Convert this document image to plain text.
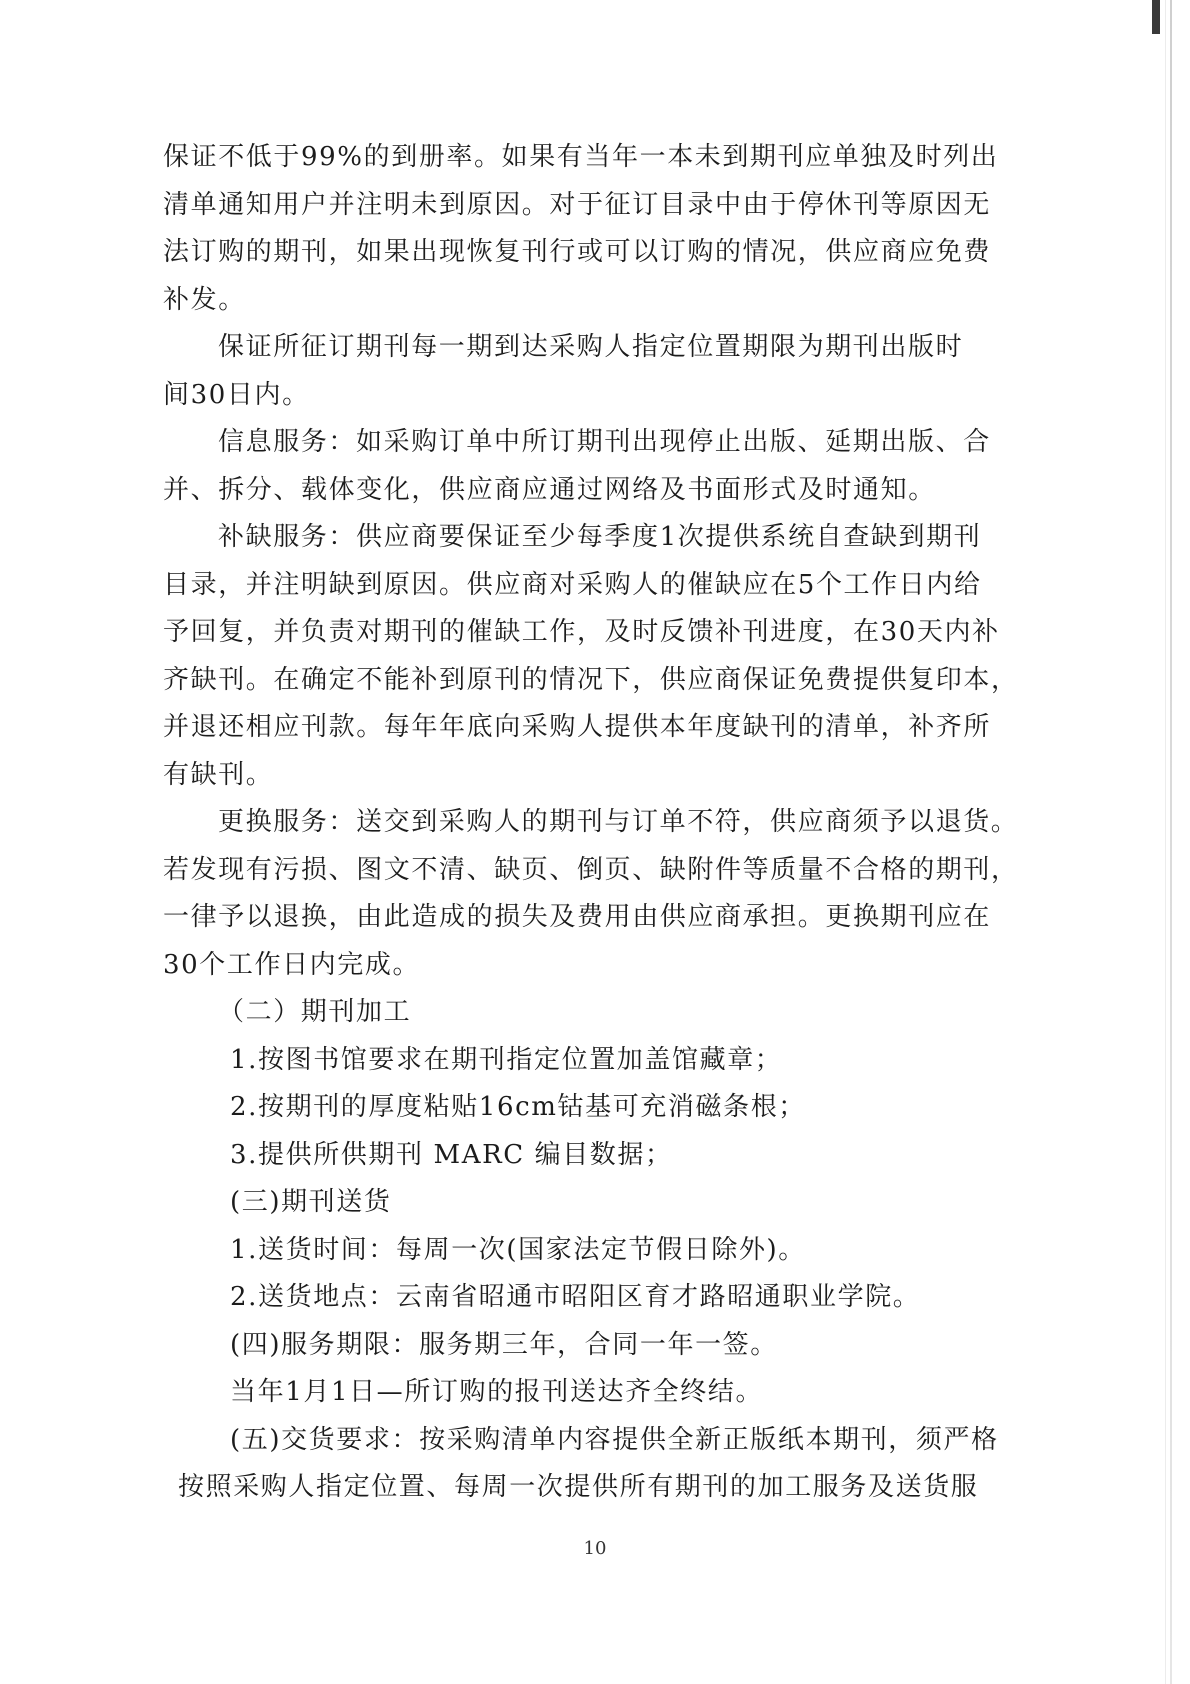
保证不低于99%的到册率。如果有当年一本未到期刊应单独及时列出

清单通知用户并注明未到原因。对于征订目录中由于停休刊等原因无

法订购的期刊，如果出现恢复刊行或可以订购的情况，供应商应免费

补发。

保证所征订期刊每一期到达采购人指定位置期限为期刊出版时

间30日内。

信息服务：如采购订单中所订期刊出现停止出版、延期出版、合

并、拆分、载体变化，供应商应通过网络及书面形式及时通知。

补缺服务：供应商要保证至少每季度1次提供系统自查缺到期刊

目录，并注明缺到原因。供应商对采购人的催缺应在5个工作日内给

予回复，并负责对期刊的催缺工作，及时反馈补刊进度，在30天内补

齐缺刊。在确定不能补到原刊的情况下，供应商保证免费提供复印本，

并退还相应刊款。每年年底向采购人提供本年度缺刊的清单，补齐所

有缺刊。

更换服务：送交到采购人的期刊与订单不符，供应商须予以退货。

若发现有污损、图文不清、缺页、倒页、缺附件等质量不合格的期刊，

一律予以退换，由此造成的损失及费用由供应商承担。更换期刊应在

30个工作日内完成。

（二）期刊加工

1.按图书馆要求在期刊指定位置加盖馆藏章；

2.按期刊的厚度粘贴16cm钴基可充消磁条根；

3.提供所供期刊 MARC 编目数据；

(三)期刊送货

1.送货时间：每周一次(国家法定节假日除外)。

2.送货地点：云南省昭通市昭阳区育才路昭通职业学院。

(四)服务期限：服务期三年，合同一年一签。

当年1月1日—所订购的报刊送达齐全终结。

(五)交货要求：按采购清单内容提供全新正版纸本期刊，须严格

按照采购人指定位置、每周一次提供所有期刊的加工服务及送货服

10
